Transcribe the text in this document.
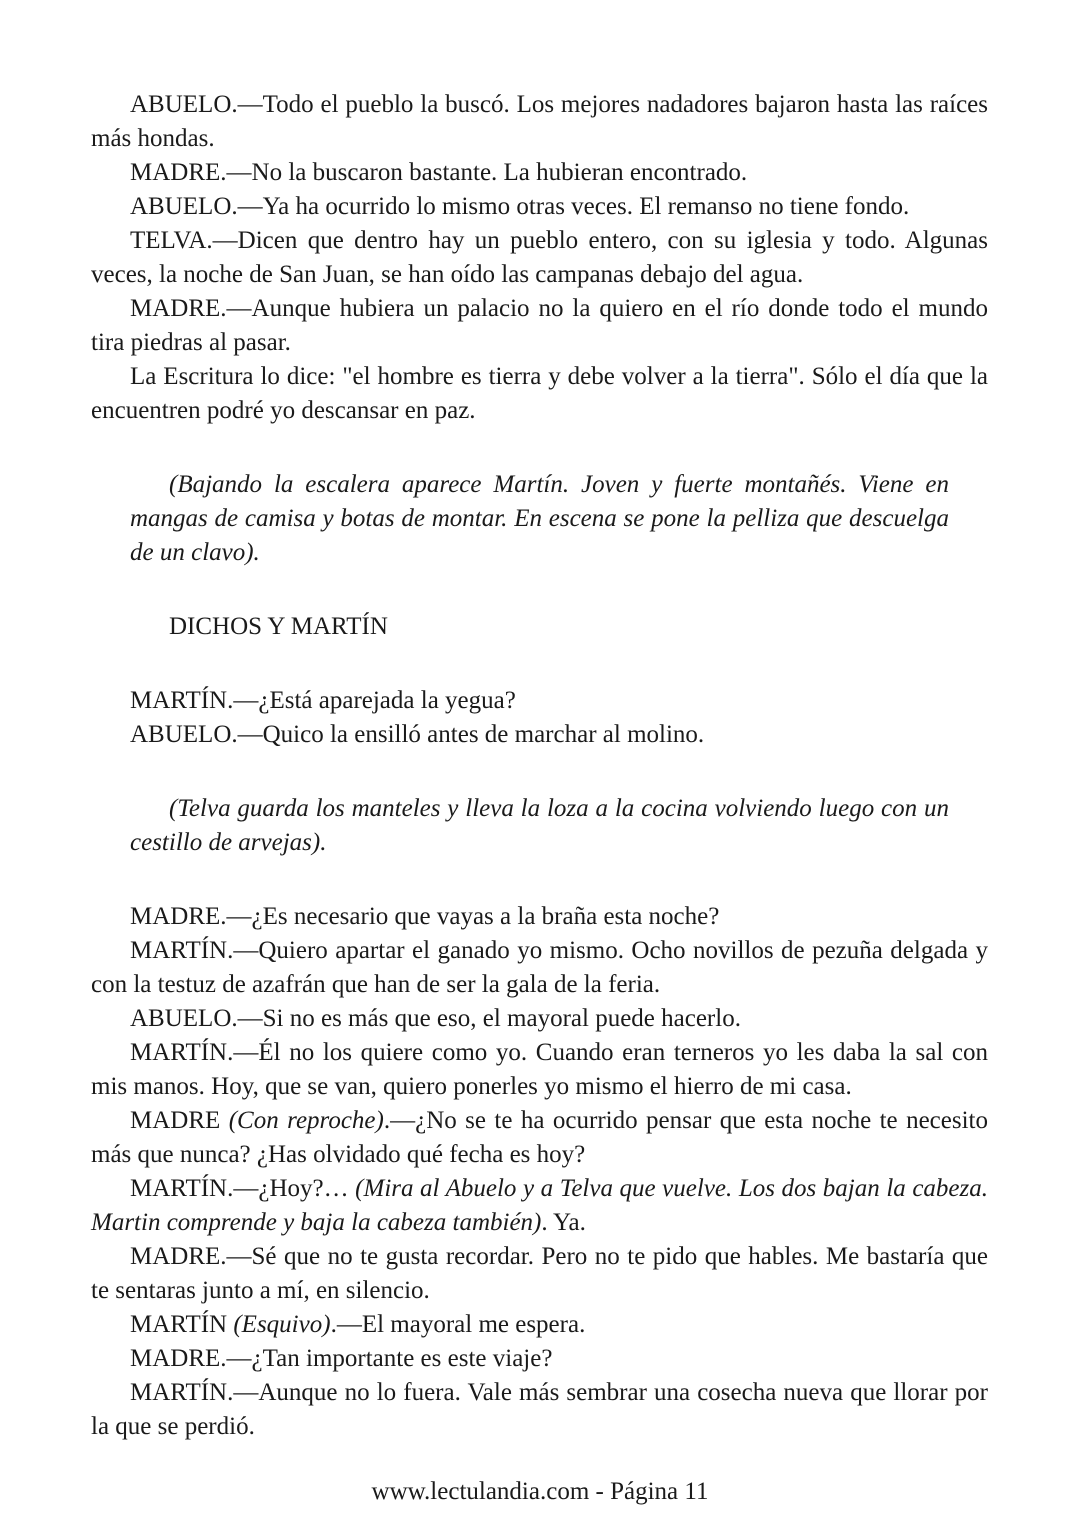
ABUELO.—Todo el pueblo la buscó. Los mejores nadadores bajaron hasta las raíces más hondas.

MADRE.—No la buscaron bastante. La hubieran encontrado.

ABUELO.—Ya ha ocurrido lo mismo otras veces. El remanso no tiene fondo.

TELVA.—Dicen que dentro hay un pueblo entero, con su iglesia y todo. Algunas veces, la noche de San Juan, se han oído las campanas debajo del agua.

MADRE.—Aunque hubiera un palacio no la quiero en el río donde todo el mundo tira piedras al pasar.

La Escritura lo dice: "el hombre es tierra y debe volver a la tierra". Sólo el día que la encuentren podré yo descansar en paz.

(Bajando la escalera aparece Martín. Joven y fuerte montañés. Viene en mangas de camisa y botas de montar. En escena se pone la pelliza que descuelga de un clavo).

DICHOS Y MARTÍN

MARTÍN.—¿Está aparejada la yegua?

ABUELO.—Quico la ensilló antes de marchar al molino.

(Telva guarda los manteles y lleva la loza a la cocina volviendo luego con un cestillo de arvejas).

MADRE.—¿Es necesario que vayas a la braña esta noche?

MARTÍN.—Quiero apartar el ganado yo mismo. Ocho novillos de pezuña delgada y con la testuz de azafrán que han de ser la gala de la feria.

ABUELO.—Si no es más que eso, el mayoral puede hacerlo.

MARTÍN.—Él no los quiere como yo. Cuando eran terneros yo les daba la sal con mis manos. Hoy, que se van, quiero ponerles yo mismo el hierro de mi casa.

MADRE (Con reproche).—¿No se te ha ocurrido pensar que esta noche te necesito más que nunca? ¿Has olvidado qué fecha es hoy?

MARTÍN.—¿Hoy?… (Mira al Abuelo y a Telva que vuelve. Los dos bajan la cabeza. Martin comprende y baja la cabeza también). Ya.

MADRE.—Sé que no te gusta recordar. Pero no te pido que hables. Me bastaría que te sentaras junto a mí, en silencio.

MARTÍN (Esquivo).—El mayoral me espera.

MADRE.—¿Tan importante es este viaje?

MARTÍN.—Aunque no lo fuera. Vale más sembrar una cosecha nueva que llorar por la que se perdió.

www.lectulandia.com - Página 11
